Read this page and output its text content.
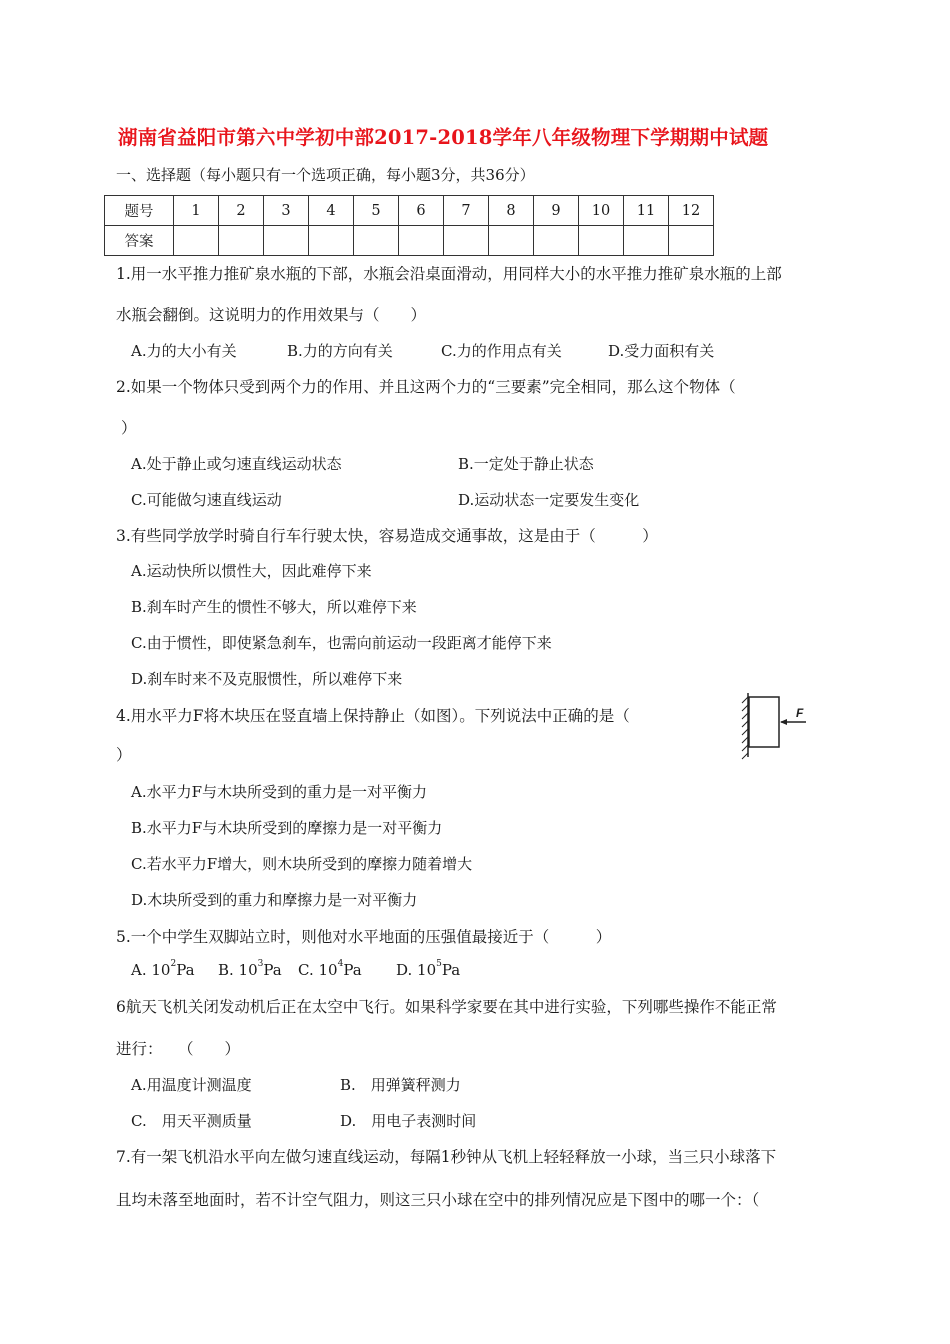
湖南省益阳市第六中学初中部2017-2018学年八年级物理下学期期中试题
一、选择题（每小题只有一个选项正确，每小题3分，共36分）
题号	1	2	3	4	5	6	7	8	9	10	11	12
答案												
1.用一水平推力推矿泉水瓶的下部，水瓶会沿桌面滑动，用同样大小的水平推力推矿泉水瓶的上部
水瓶会翻倒。这说明力的作用效果与（　　）
A.力的大小有关	B.力的方向有关	C.力的作用点有关	D.受力面积有关
2.如果一个物体只受到两个力的作用、并且这两个力的“三要素”完全相同，那么这个物体（
）
A.处于静止或匀速直线运动状态	B.一定处于静止状态
C.可能做匀速直线运动	D.运动状态一定要发生变化
3.有些同学放学时骑自行车行驶太快，容易造成交通事故，这是由于（　　　）
A.运动快所以惯性大，因此难停下来
B.刹车时产生的惯性不够大，所以难停下来
C.由于惯性，即使紧急刹车，也需向前运动一段距离才能停下来
D.刹车时来不及克服惯性，所以难停下来
4.用水平力F将木块压在竖直墙上保持静止（如图）。下列说法中正确的是（
）
F
A.水平力F与木块所受到的重力是一对平衡力
B.水平力F与木块所受到的摩擦力是一对平衡力
C.若水平力F增大，则木块所受到的摩擦力随着增大
D.木块所受到的重力和摩擦力是一对平衡力
5.一个中学生双脚站立时，则他对水平地面的压强值最接近于（　　　）
A. $10^2Pa$ B. $10^3Pa$ C. $10^4Pa$ D. $10^5Pa$
6航天飞机关闭发动机后正在太空中飞行。如果科学家要在其中进行实验，下列哪些操作不能正常
进行：　　（　　）
A.用温度计测温度	B.　用弹簧秤测力
C.　用天平测质量	D.　用电子表测时间
7.有一架飞机沿水平向左做匀速直线运动，每隔1秒钟从飞机上轻轻释放一小球，当三只小球落下
且均未落至地面时，若不计空气阻力，则这三只小球在空中的排列情况应是下图中的哪一个：（
